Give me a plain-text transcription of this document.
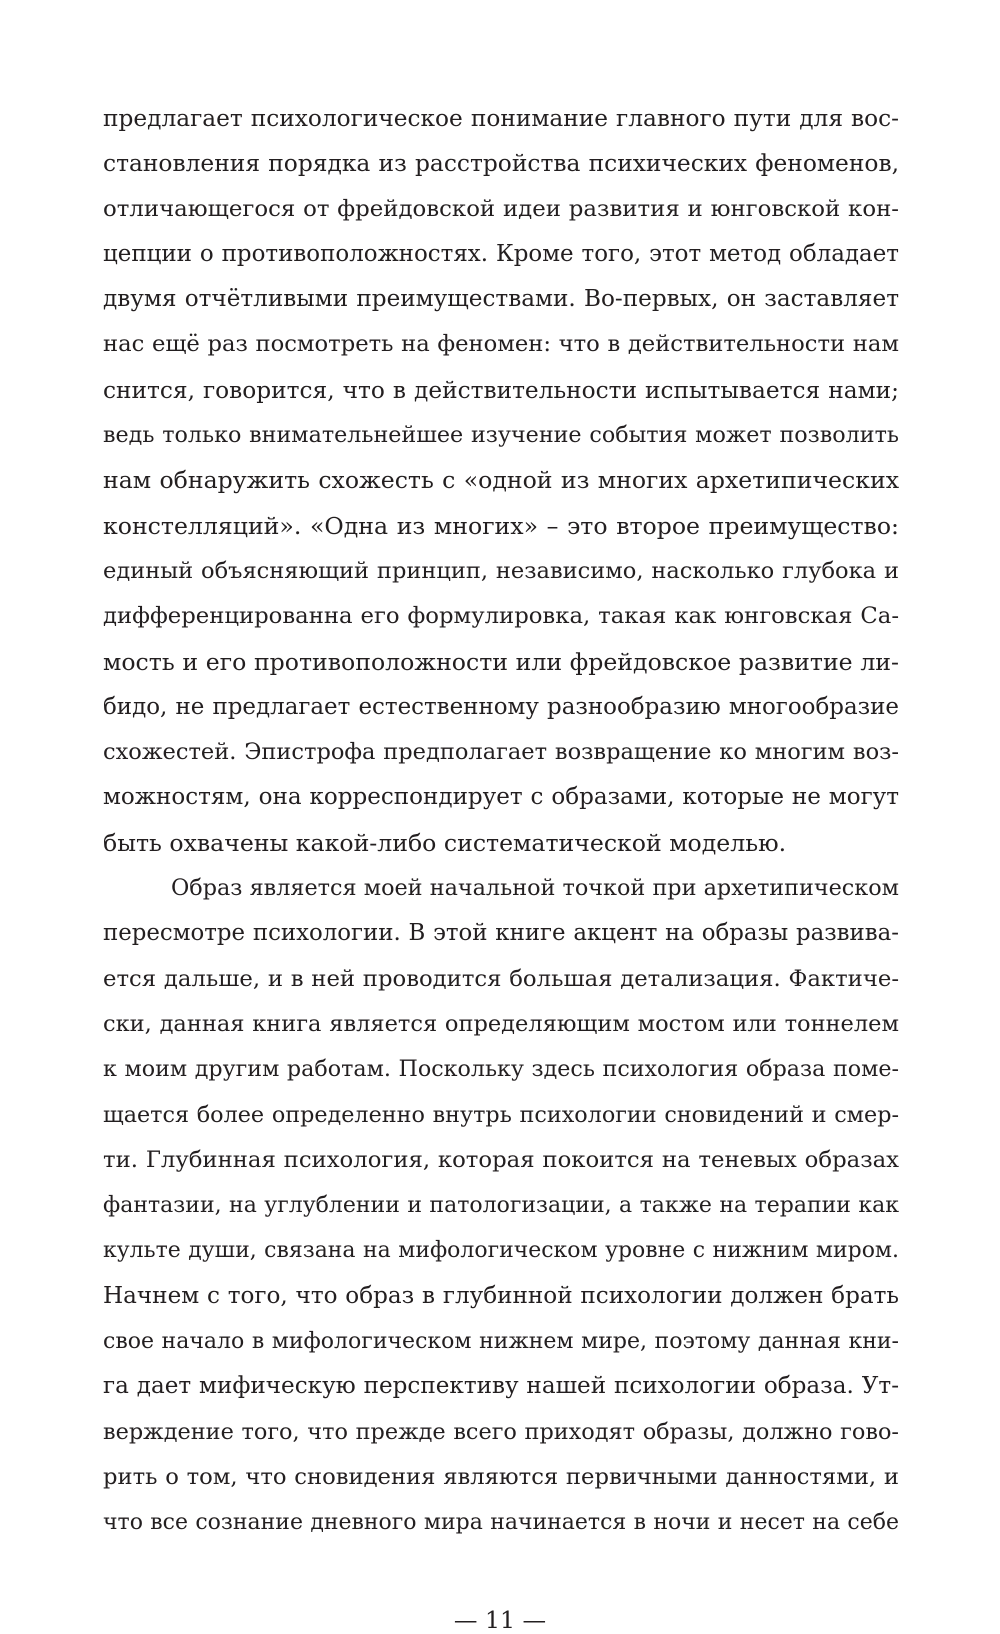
предлагает психологическое понимание главного пути для вос-
становления порядка из расстройства психических феноменов,
отличающегося от фрейдовской идеи развития и юнговской кон-
цепции о противоположностях. Кроме того, этот метод обладает
двумя отчётливыми преимуществами. Во-первых, он заставляет
нас ещё раз посмотреть на феномен: что в действительности нам
снится, говорится, что в действительности испытывается нами;
ведь только внимательнейшее изучение события может позволить
нам обнаружить схожесть с «одной из многих архетипических
констелляций». «Одна из многих» – это второе преимущество:
единый объясняющий принцип, независимо, насколько глубока и
дифференцированна его формулировка, такая как юнговская Са-
мость и его противоположности или фрейдовское развитие ли-
бидо, не предлагает естественному разнообразию многообразие
схожестей. Эпистрофа предполагает возвращение ко многим воз-
можностям, она корреспондирует с образами, которые не могут
быть охвачены какой-либо систематической моделью.
Образ является моей начальной точкой при архетипическом
пересмотре психологии. В этой книге акцент на образы развива-
ется дальше, и в ней проводится большая детализация. Фактиче-
ски, данная книга является определяющим мостом или тоннелем
к моим другим работам. Поскольку здесь психология образа поме-
щается более определенно внутрь психологии сновидений и смер-
ти. Глубинная психология, которая покоится на теневых образах
фантазии, на углублении и патологизации, а также на терапии как
культе души, связана на мифологическом уровне с нижним миром.
Начнем с того, что образ в глубинной психологии должен брать
свое начало в мифологическом нижнем мире, поэтому данная кни-
га дает мифическую перспективу нашей психологии образа. Ут-
верждение того, что прежде всего приходят образы, должно гово-
рить о том, что сновидения являются первичными данностями, и
что все сознание дневного мира начинается в ночи и несет на себе
— 11 —
